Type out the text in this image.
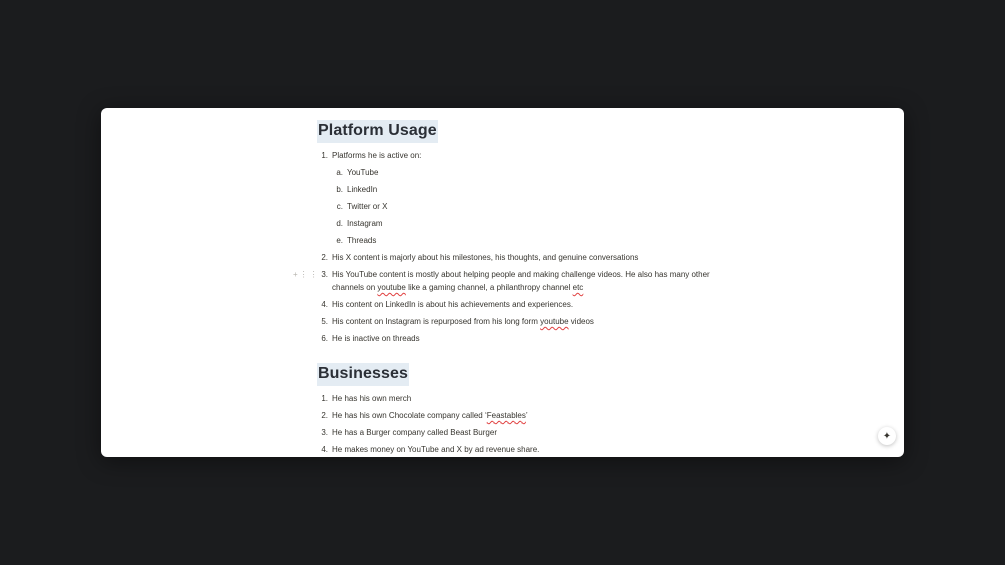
Platform Usage
1. Platforms he is active on:
a. YouTube
b. LinkedIn
c. Twitter or X
d. Instagram
e. Threads
2. His X content is majorly about his milestones, his thoughts, and genuine conversations
+⋮⋮ 3. His YouTube content is mostly about helping people and making challenge videos. He also has many other channels on youtube like a gaming channel, a philanthropy channel etc
4. His content on LinkedIn is about his achievements and experiences.
5. His content on Instagram is repurposed from his long form youtube videos
6. He is inactive on threads
Businesses
1. He has his own merch
2. He has his own Chocolate company called ‘Feastables’
3. He has a Burger company called Beast Burger
4. He makes money on YouTube and X by ad revenue share.
✦
